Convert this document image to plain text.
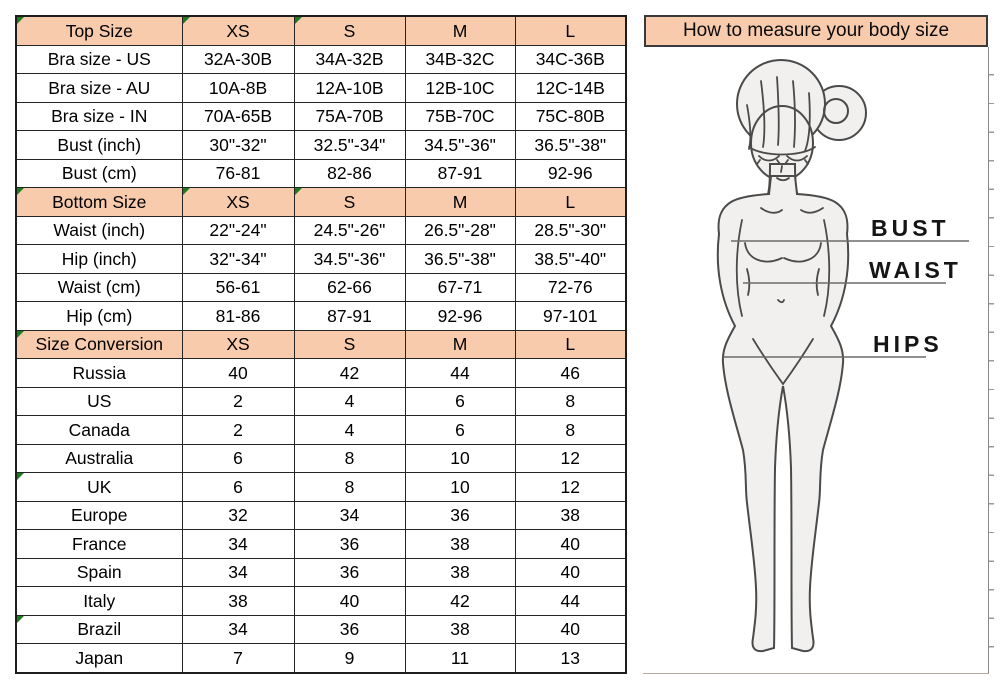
Top Size	XS	S	M	L
Bra size - US	32A-30B	34A-32B	34B-32C	34C-36B
Bra size - AU	10A-8B	12A-10B	12B-10C	12C-14B
Bra size - IN	70A-65B	75A-70B	75B-70C	75C-80B
Bust (inch)	30"-32"	32.5"-34"	34.5"-36"	36.5"-38"
Bust (cm)	76-81	82-86	87-91	92-96
Bottom Size	XS	S	M	L
Waist (inch)	22"-24"	24.5"-26"	26.5"-28"	28.5"-30"
Hip (inch)	32"-34"	34.5"-36"	36.5"-38"	38.5"-40"
Waist (cm)	56-61	62-66	67-71	72-76
Hip (cm)	81-86	87-91	92-96	97-101
Size Conversion	XS	S	M	L
Russia	40	42	44	46
US	2	4	6	8
Canada	2	4	6	8
Australia	6	8	10	12
UK	6	8	10	12
Europe	32	34	36	38
France	34	36	38	40
Spain	34	36	38	40
Italy	38	40	42	44
Brazil	34	36	38	40
Japan	7	9	11	13
How to measure your body size
BUST
WAIST
HIPS
